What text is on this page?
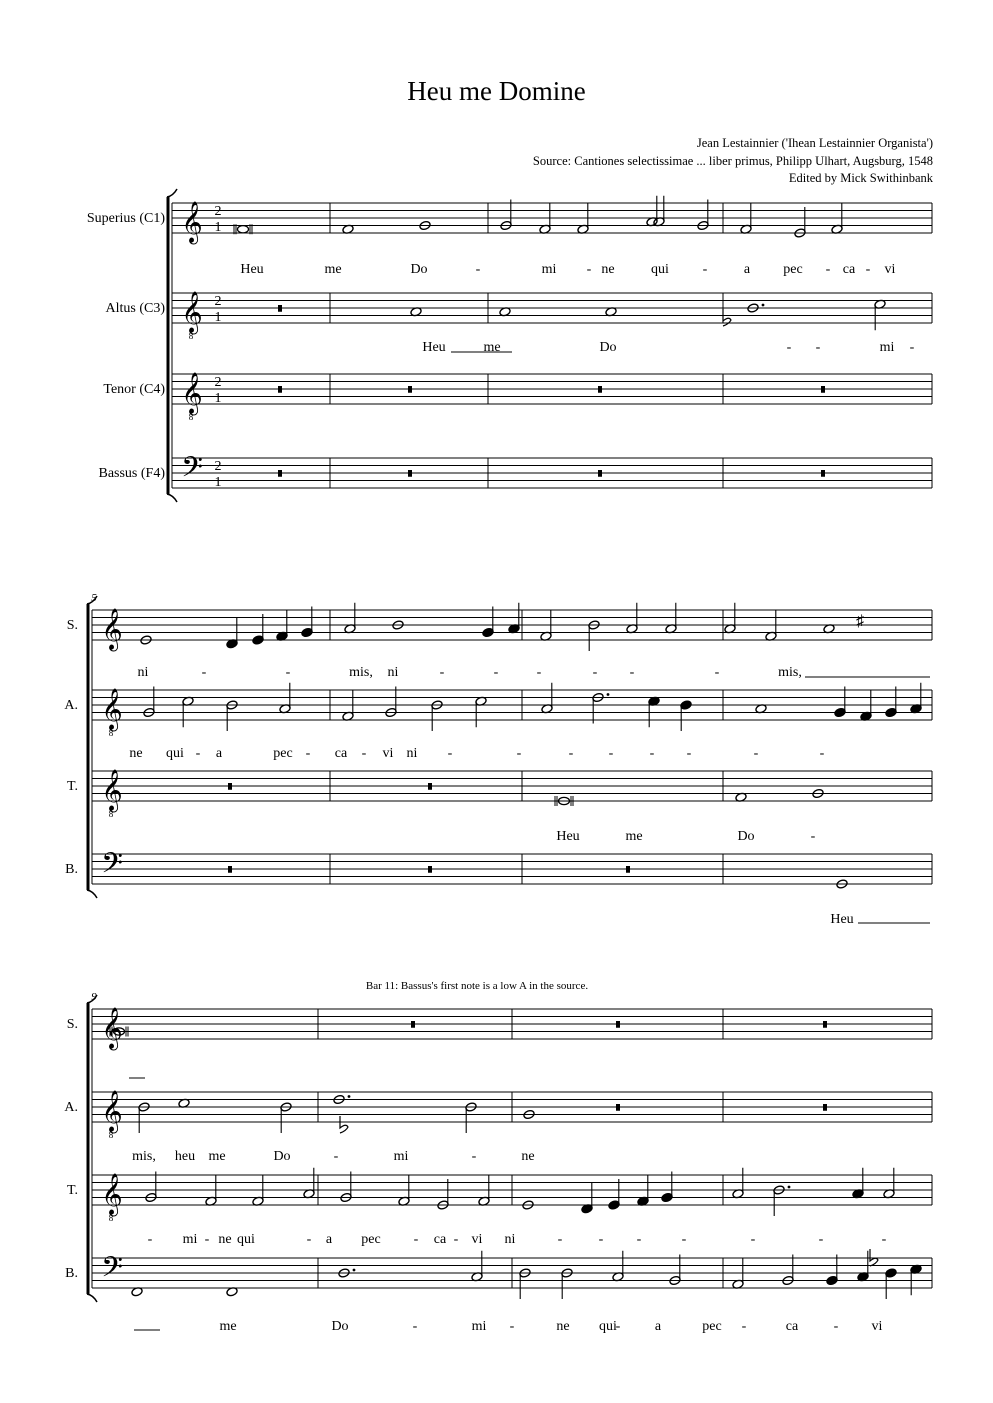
Heu me Domine
Jean Lestainnier ('Ihean Lestainnier Organista')
Source: Cantiones selectissimae ... liber primus, Philipp Ulhart, Augsburg, 1548
Edited by Mick Swithinbank
Superius (C1) 𝄞 2
1
Heu	me	Do	-	mi - ne	qui -	a pec - ca - vi
Altus (C3) 𝄞
8
2
1
Heu	me	Do	- -	mi -
Tenor (C4) 𝄞
8
2
1
Bassus (F4) 𝄢 2
1
5
S. 𝄞
ni	-	-	mis, ni	-	-	-	- -	-	mis,
A. 𝄞
8
ne qui - a	pec - ca - vi ni -	-	-	-	- -	-	-
T. 𝄞
8
Heu	me	Do	-
B. 𝄢
Heu
9
Bar 11: Bassus's first note is a low A in the source.
S. 𝄞
A. 𝄞
8
mis, heu me	Do	-	mi	-	ne
T. 𝄞
8
- mi - ne qui	- a pec - ca - vi ni	-	- -	-	-	-	-
B. 𝄢
me	Do	-	mi -	ne qui
- a	pec -	ca	- vi
♯
